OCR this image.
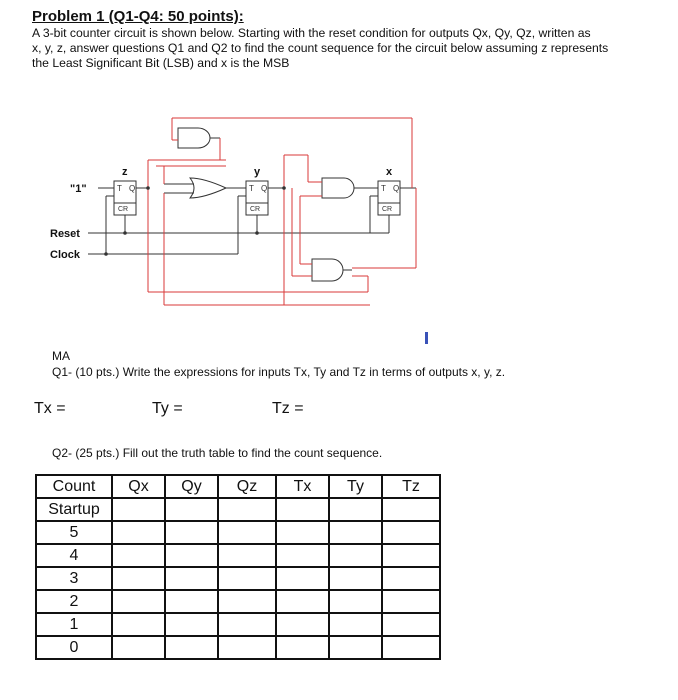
Problem 1 (Q1-Q4: 50 points):

A 3-bit counter circuit is shown below. Starting with the reset condition for outputs Qx, Qy, Qz, written as
x, y, z, answer questions Q1 and Q2 to find the count sequence for the circuit below assuming z represents
the Least Significant Bit (LSB) and x is the MSB

T Q
CR
T Q
CR
T Q
CR
z	y	x
"1"
Reset
Clock
MA
Q1- (10 pts.) Write the expressions for inputs Tx, Ty and Tz in terms of outputs x, y, z.
Tx =	Ty =	Tz =
Q2- (25 pts.) Fill out the truth table to find the count sequence.
Count	Qx	Qy	Qz	Tx	Ty	Tz
Startup						
5						
4						
3						
2						
1						
0						
